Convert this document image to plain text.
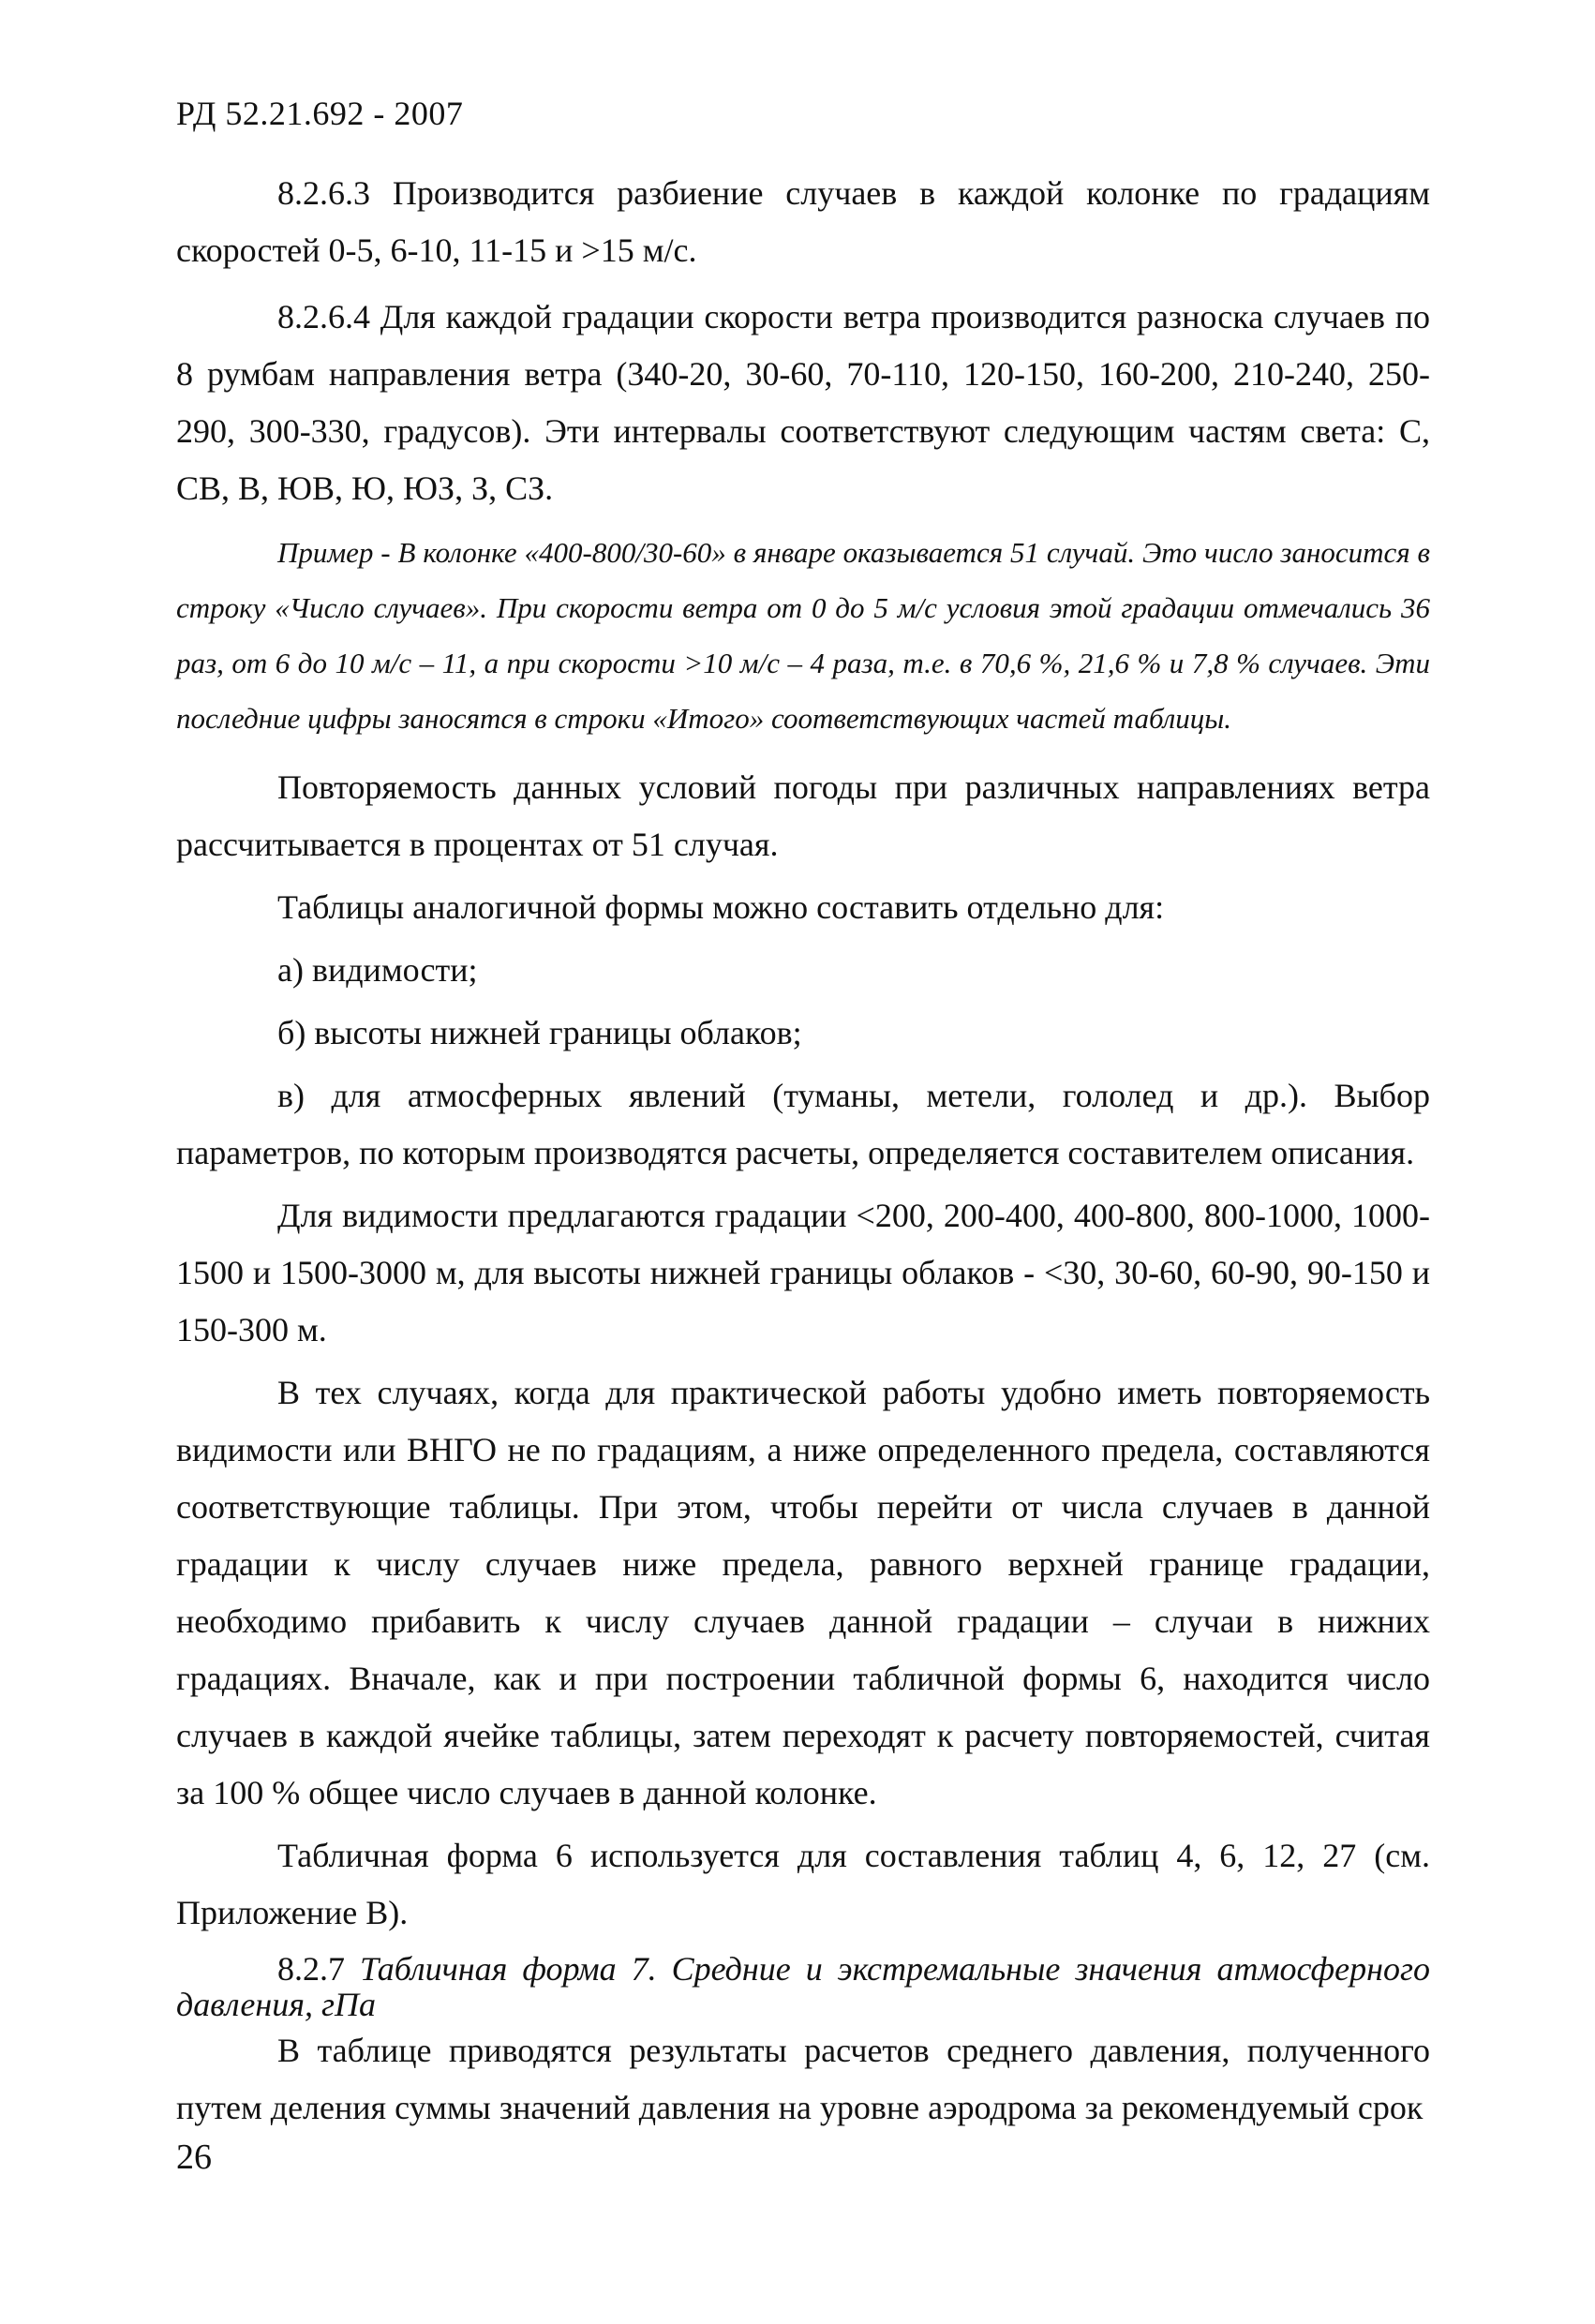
РД 52.21.692 - 2007

8.2.6.3 Производится разбиение случаев в каждой колонке по градациям скоростей 0-5, 6-10, 11-15 и >15 м/с.

8.2.6.4 Для каждой градации скорости ветра производится разноска случаев по 8 румбам направления ветра (340-20, 30-60, 70-110, 120-150, 160-200, 210-240, 250-290, 300-330, градусов). Эти интервалы соответствуют следующим частям света: С, СВ, В, ЮВ, Ю, ЮЗ, З, СЗ.

Пример - В колонке «400-800/30-60» в январе оказывается 51 случай. Это число заносится в строку «Число случаев». При скорости ветра от 0 до 5 м/с условия этой градации отмечались 36 раз, от 6 до 10 м/с – 11, а при скорости >10 м/с – 4 раза, т.е. в 70,6 %, 21,6 % и 7,8 % случаев. Эти последние цифры заносятся в строки «Итого» соответствующих частей таблицы.

Повторяемость данных условий погоды при различных направлениях ветра рассчитывается в процентах от 51 случая.

Таблицы аналогичной формы можно составить отдельно для:

а) видимости;

б) высоты нижней границы облаков;

в) для атмосферных явлений (туманы, метели, гололед и др.). Выбор параметров, по которым производятся расчеты, определяется составителем описания.

Для видимости предлагаются градации <200, 200-400, 400-800, 800-1000, 1000-1500 и 1500-3000 м, для высоты нижней границы облаков - <30, 30-60, 60-90, 90-150 и 150-300 м.

В тех случаях, когда для практической работы удобно иметь повторяемость видимости или ВНГО не по градациям, а ниже определенного предела, составляются соответствующие таблицы. При этом, чтобы перейти от числа случаев в данной градации к числу случаев ниже предела, равного верхней границе градации, необходимо прибавить к числу случаев данной градации – случаи в нижних градациях. Вначале, как и при построении табличной формы 6, находится число случаев в каждой ячейке таблицы, затем переходят к расчету повторяемостей, считая за 100 % общее число случаев в данной колонке.

Табличная форма 6 используется для составления таблиц 4, 6, 12, 27 (см. Приложение В).

8.2.7 Табличная форма 7. Средние и экстремальные значения атмосферного давления, гПа

В таблице приводятся результаты расчетов среднего давления, полученного путем деления суммы значений давления на уровне аэродрома за рекомендуемый срок

26
